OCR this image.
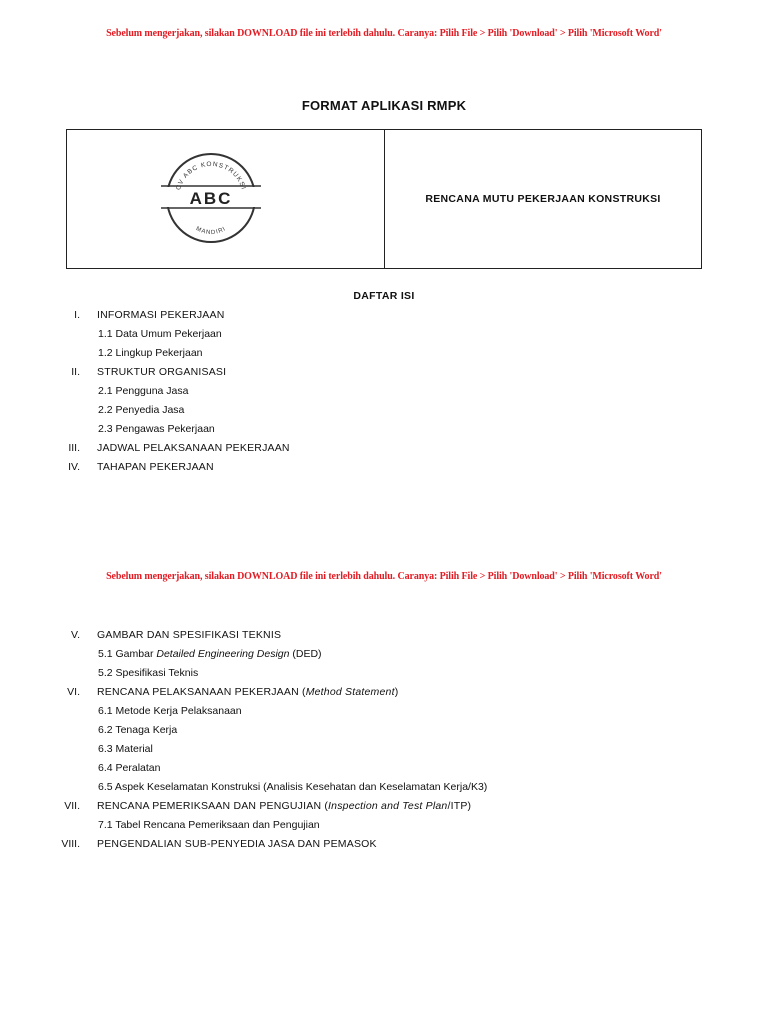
Sebelum mengerjakan, silakan DOWNLOAD file ini terlebih dahulu. Caranya: Pilih File > Pilih 'Download' > Pilih 'Microsoft Word'
FORMAT APLIKASI RMPK
CV ABC KONSTRUKSI
ABC
MANDIRI
RENCANA MUTU PEKERJAAN KONSTRUKSI
DAFTAR ISI
I. INFORMASI PEKERJAAN
1.1 Data Umum Pekerjaan
1.2 Lingkup Pekerjaan
II. STRUKTUR ORGANISASI
2.1 Pengguna Jasa
2.2 Penyedia Jasa
2.3 Pengawas Pekerjaan
III. JADWAL PELAKSANAAN PEKERJAAN
IV. TAHAPAN PEKERJAAN
Sebelum mengerjakan, silakan DOWNLOAD file ini terlebih dahulu. Caranya: Pilih File > Pilih 'Download' > Pilih 'Microsoft Word'
V. GAMBAR DAN SPESIFIKASI TEKNIS
5.1 Gambar Detailed Engineering Design (DED)
5.2 Spesifikasi Teknis
VI. RENCANA PELAKSANAAN PEKERJAAN (Method Statement)
6.1 Metode Kerja Pelaksanaan
6.2 Tenaga Kerja
6.3 Material
6.4 Peralatan
6.5 Aspek Keselamatan Konstruksi (Analisis Kesehatan dan Keselamatan Kerja/K3)
VII. RENCANA PEMERIKSAAN DAN PENGUJIAN (Inspection and Test Plan/ITP)
7.1 Tabel Rencana Pemeriksaan dan Pengujian
VIII. PENGENDALIAN SUB-PENYEDIA JASA DAN PEMASOK
